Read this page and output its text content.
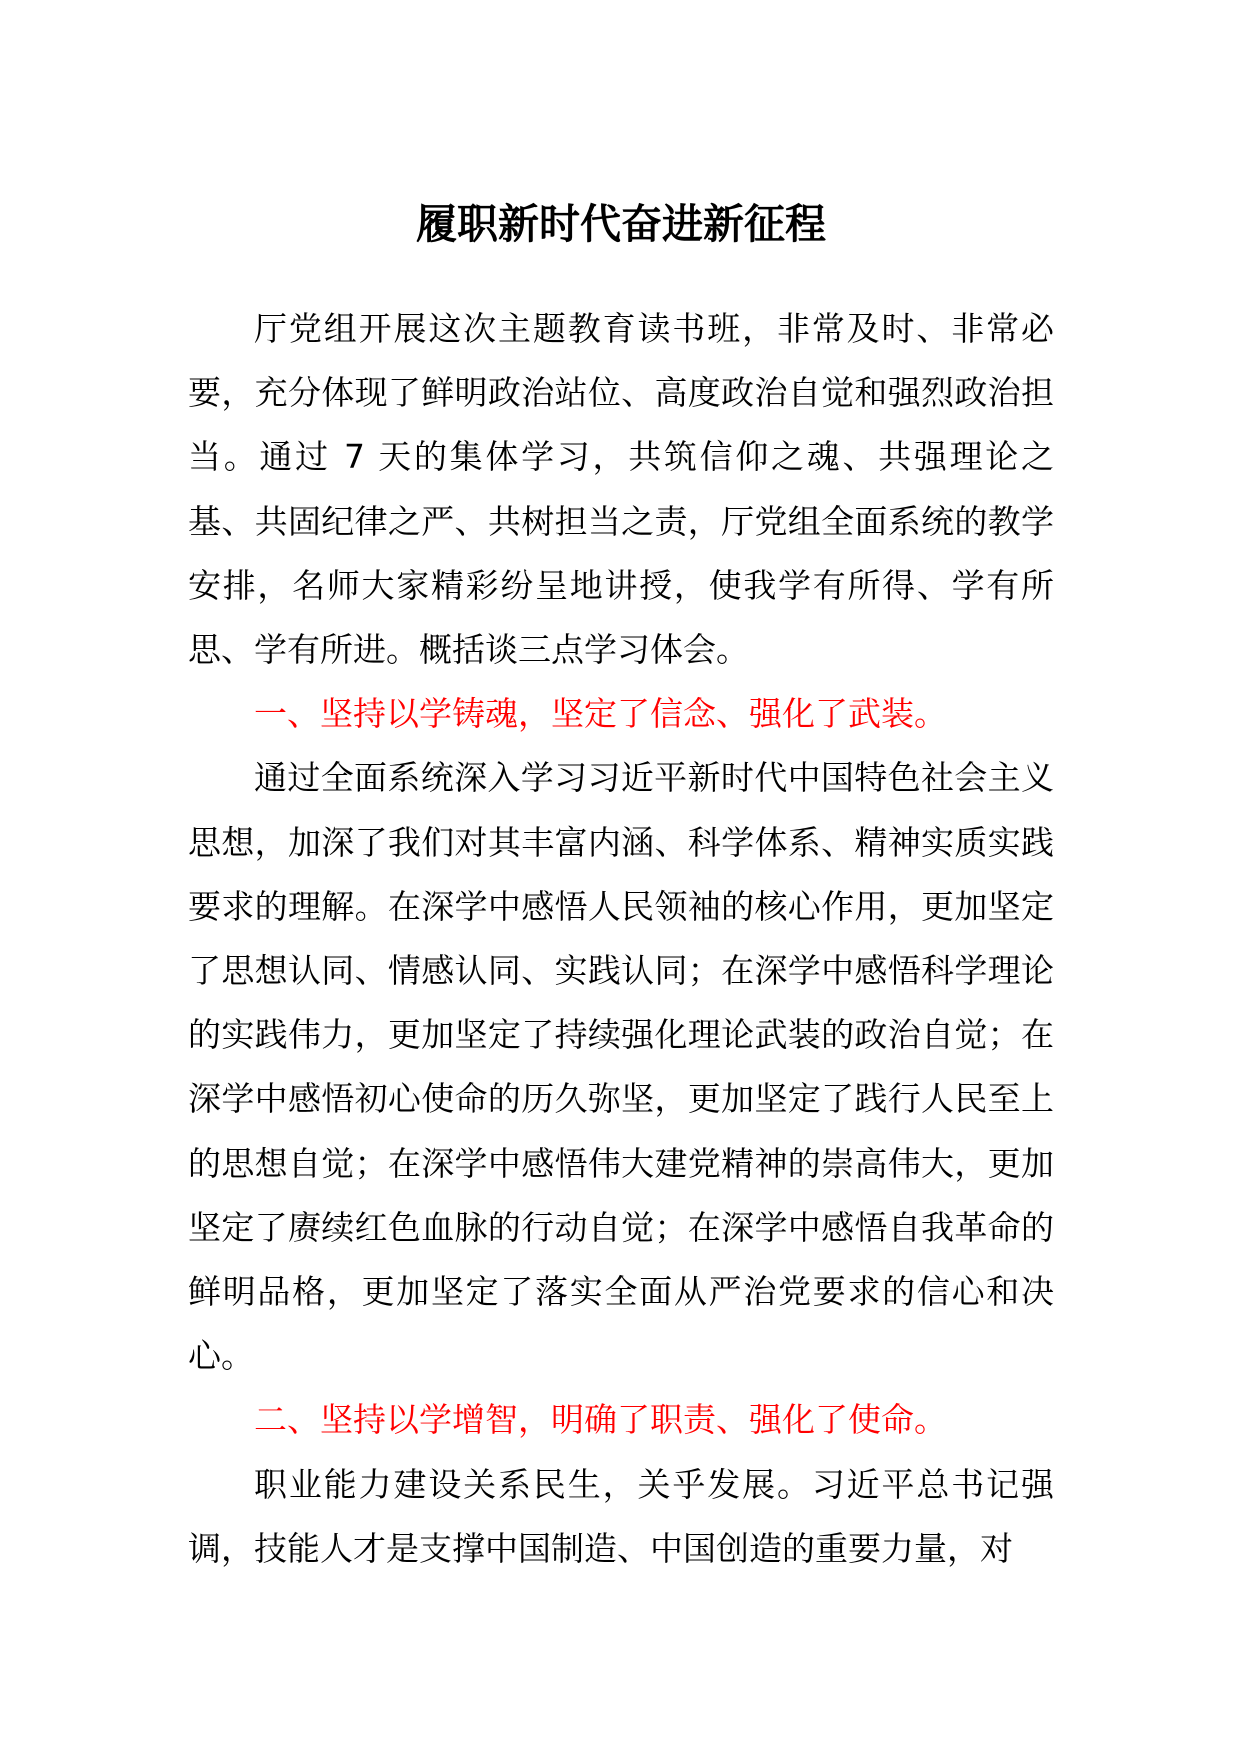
履职新时代奋进新征程

厅党组开展这次主题教育读书班，非常及时、非常必要，充分体现了鲜明政治站位、高度政治自觉和强烈政治担当。通过 7 天的集体学习，共筑信仰之魂、共强理论之基、共固纪律之严、共树担当之责，厅党组全面系统的教学安排，名师大家精彩纷呈地讲授，使我学有所得、学有所思、学有所进。概括谈三点学习体会。

一、坚持以学铸魂，坚定了信念、强化了武装。

通过全面系统深入学习习近平新时代中国特色社会主义思想，加深了我们对其丰富内涵、科学体系、精神实质实践要求的理解。在深学中感悟人民领袖的核心作用，更加坚定了思想认同、情感认同、实践认同；在深学中感悟科学理论的实践伟力，更加坚定了持续强化理论武装的政治自觉；在深学中感悟初心使命的历久弥坚，更加坚定了践行人民至上的思想自觉；在深学中感悟伟大建党精神的崇高伟大，更加坚定了赓续红色血脉的行动自觉；在深学中感悟自我革命的鲜明品格，更加坚定了落实全面从严治党要求的信心和决心。

二、坚持以学增智，明确了职责、强化了使命。

职业能力建设关系民生，关乎发展。习近平总书记强调，技能人才是支撑中国制造、中国创造的重要力量，对
